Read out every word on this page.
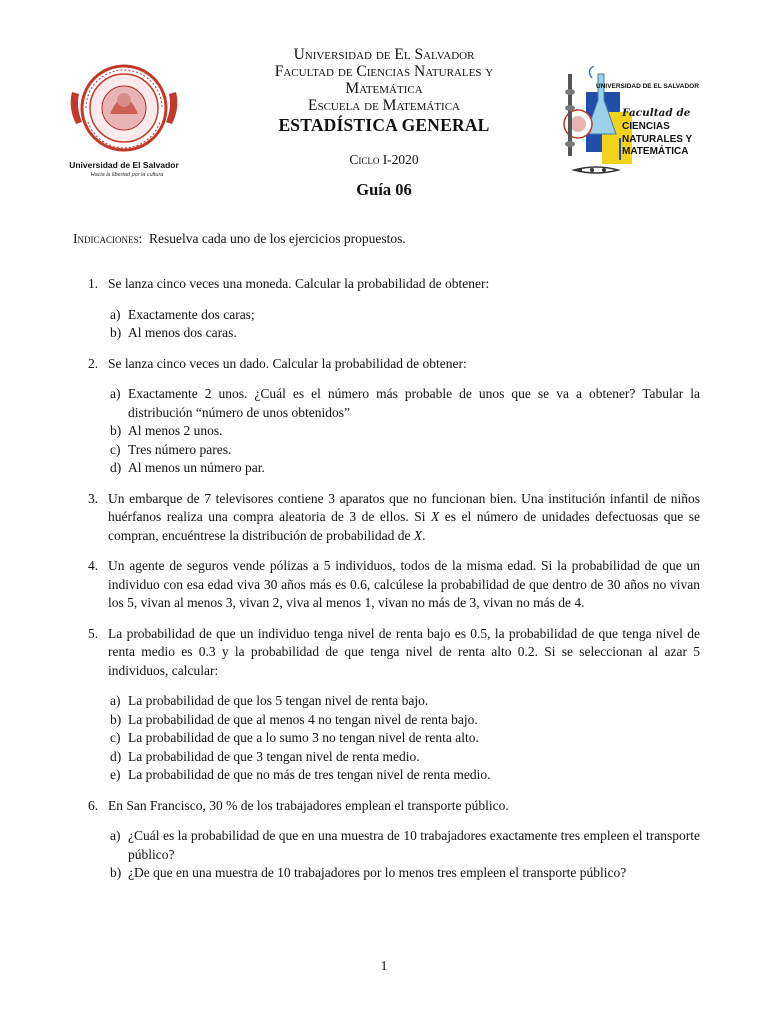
Universidad de El Salvador
Hacia la libertad por la cultura
Universidad de El Salvador
Facultad de Ciencias Naturales y
Matemática
Escuela de Matemática
ESTADÍSTICA GENERAL
Ciclo I-2020
Guía 06
UNIVERSIDAD DE EL SALVADOR
Facultad de
CIENCIAS
NATURALES Y
MATEMÁTICA
Indicaciones: Resuelva cada uno de los ejercicios propuestos.
1. Se lanza cinco veces una moneda. Calcular la probabilidad de obtener:
a) Exactamente dos caras;
b) Al menos dos caras.
2. Se lanza cinco veces un dado. Calcular la probabilidad de obtener:
a) Exactamente 2 unos. ¿Cuál es el número más probable de unos que se va a obtener? Tabular la distribución “número de unos obtenidos”
b) Al menos 2 unos.
c) Tres número pares.
d) Al menos un número par.
3. Un embarque de 7 televisores contiene 3 aparatos que no funcionan bien. Una institución infantil de niños huérfanos realiza una compra aleatoria de 3 de ellos. Si X es el número de unidades defectuosas que se compran, encuéntrese la distribución de probabilidad de X.
4. Un agente de seguros vende pólizas a 5 individuos, todos de la misma edad. Si la probabilidad de que un individuo con esa edad viva 30 años más es 0.6, calcúlese la probabilidad de que dentro de 30 años no vivan los 5, vivan al menos 3, vivan 2, viva al menos 1, vivan no más de 3, vivan no más de 4.
5. La probabilidad de que un individuo tenga nivel de renta bajo es 0.5, la probabilidad de que tenga nivel de renta medio es 0.3 y la probabilidad de que tenga nivel de renta alto 0.2. Si se seleccionan al azar 5 individuos, calcular:
a) La probabilidad de que los 5 tengan nivel de renta bajo.
b) La probabilidad de que al menos 4 no tengan nivel de renta bajo.
c) La probabilidad de que a lo sumo 3 no tengan nivel de renta alto.
d) La probabilidad de que 3 tengan nivel de renta medio.
e) La probabilidad de que no más de tres tengan nivel de renta medio.
6. En San Francisco, 30 % de los trabajadores emplean el transporte público.
a) ¿Cuál es la probabilidad de que en una muestra de 10 trabajadores exactamente tres empleen el transporte público?
b) ¿De que en una muestra de 10 trabajadores por lo menos tres empleen el transporte público?
1
